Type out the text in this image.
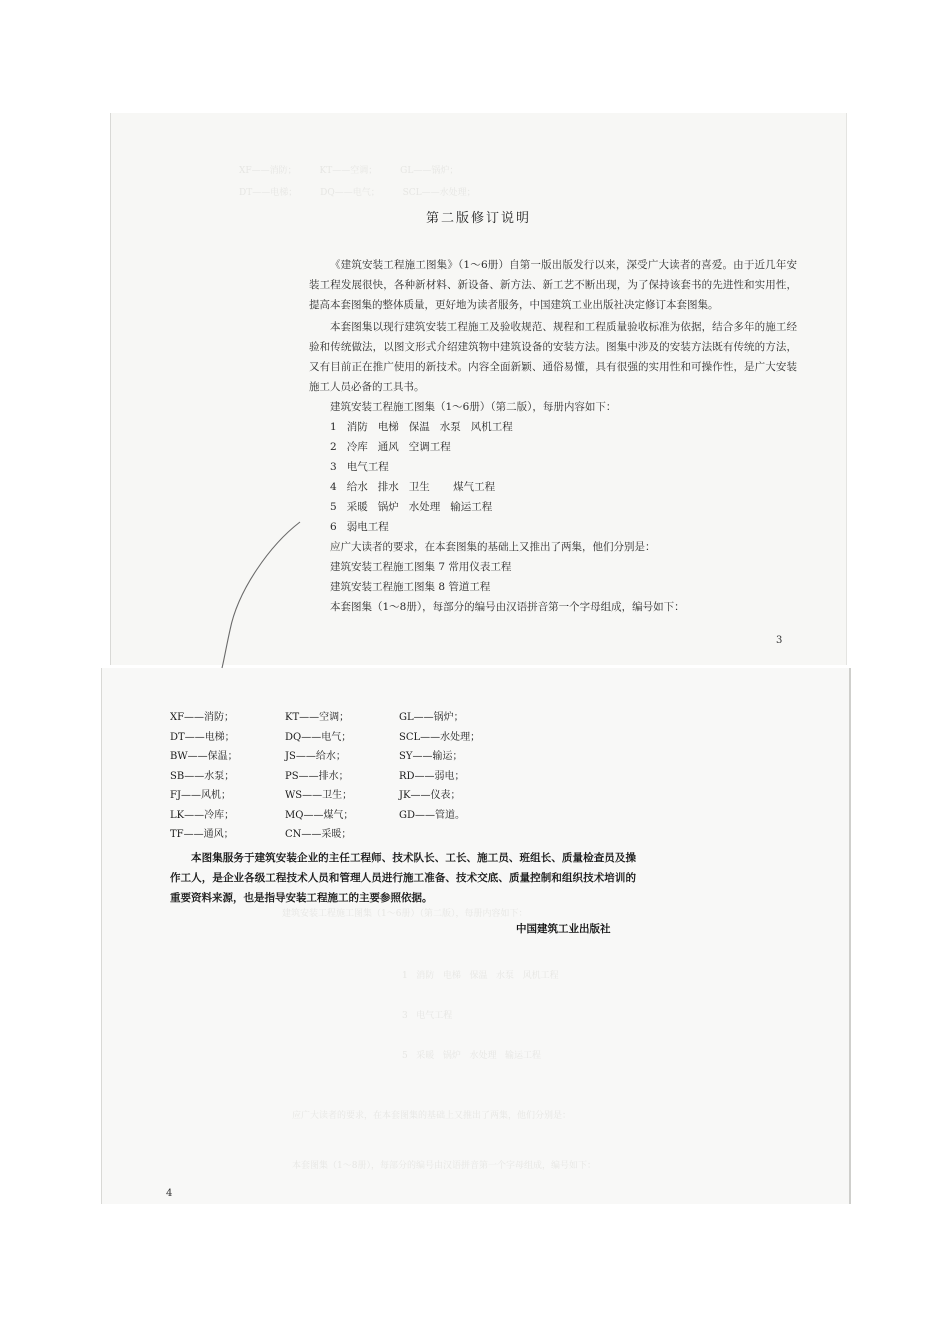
XF——消防；        KT——空调；        GL——锅炉；
DT——电梯；        DQ——电气；        SCL——水处理；
第二版修订说明

《建筑安装工程施工图集》（1～6册）自第一版出版发行以来，深受广大读者的喜爱。由于近几年安装工程发展很快，各种新材料、新设备、新方法、新工艺不断出现，为了保持该套书的先进性和实用性，提高本套图集的整体质量，更好地为读者服务，中国建筑工业出版社决定修订本套图集。

本套图集以现行建筑安装工程施工及验收规范、规程和工程质量验收标准为依据，结合多年的施工经验和传统做法，以图文形式介绍建筑物中建筑设备的安装方法。图集中涉及的安装方法既有传统的方法，又有目前正在推广使用的新技术。内容全面新颖、通俗易懂，具有很强的实用性和可操作性，是广大安装施工人员必备的工具书。

建筑安装工程施工图集（1～6册）（第二版），每册内容如下：

1   消防   电梯   保温   水泵   风机工程
2   冷库   通风   空调工程
3   电气工程
4   给水   排水   卫生       煤气工程
5   采暖   锅炉   水处理   输运工程
6   弱电工程

应广大读者的要求，在本套图集的基础上又推出了两集，他们分别是：

建筑安装工程施工图集 7 常用仪表工程
建筑安装工程施工图集 8 管道工程

本套图集（1～8册），每部分的编号由汉语拼音第一个字母组成，编号如下：

3
建筑安装工程施工图集（1～6册）（第二版），每册内容如下：
1   消防   电梯   保温   水泵   风机工程
3   电气工程
5   采暖   锅炉   水处理   输运工程
应广大读者的要求，在本套图集的基础上又推出了两集，他们分别是：
本套图集（1～8册），每部分的编号由汉语拼音第一个字母组成，编号如下：
XF——消防；
DT——电梯；
BW——保温；
SB——水泵；
FJ——风机；
LK——冷库；
TF——通风；
KT——空调；
DQ——电气；
JS——给水；
PS——排水；
WS——卫生；
MQ——煤气；
CN——采暖；
GL——锅炉；
SCL——水处理；
SY——输运；
RD——弱电；
JK——仪表；
GD——管道。

本图集服务于建筑安装企业的主任工程师、技术队长、工长、施工员、班组长、质量检查员及操作工人，是企业各级工程技术人员和管理人员进行施工准备、技术交底、质量控制和组织技术培训的重要资料来源，也是指导安装工程施工的主要参照依据。

中国建筑工业出版社
4
